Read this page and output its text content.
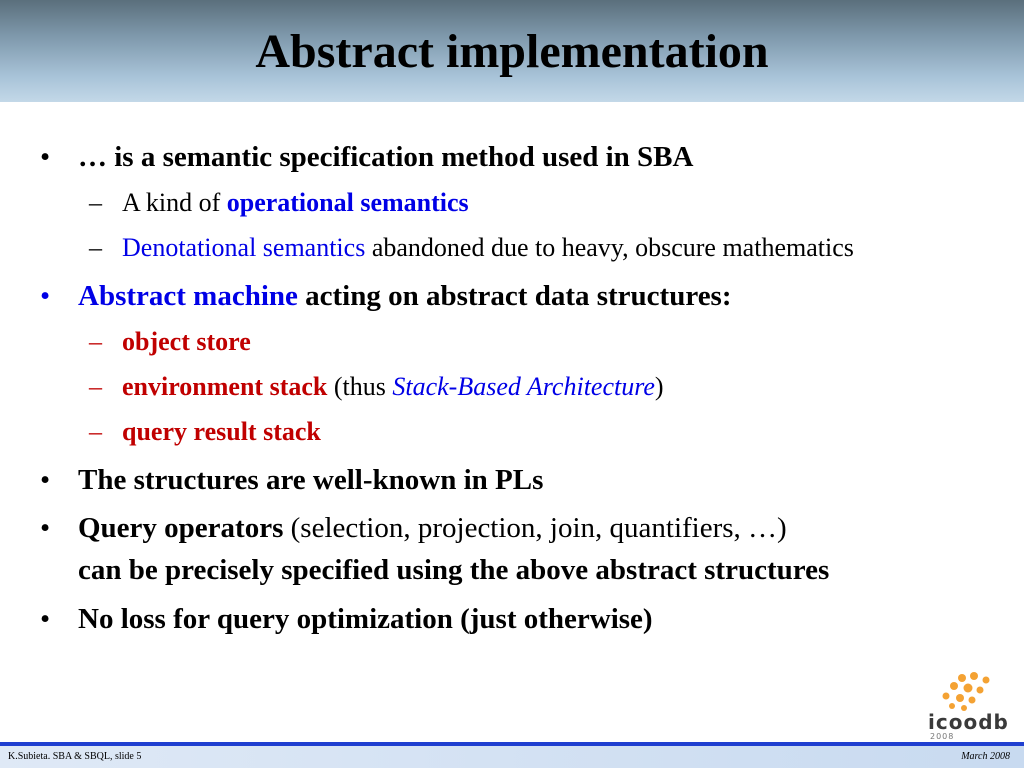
Abstract implementation
• … is a semantic specification method used in SBA
– A kind of operational semantics
– Denotational semantics abandoned due to heavy, obscure mathematics
• Abstract machine acting on abstract data structures:
– object store
– environment stack (thus Stack-Based Architecture)
– query result stack
• The structures are well-known in PLs
• Query operators (selection, projection, join, quantifiers, …)
can be precisely specified using the above abstract structures
• No loss for query optimization (just otherwise)
icoodb
2008
K.Subieta. SBA & SBQL, slide 5	March 2008
